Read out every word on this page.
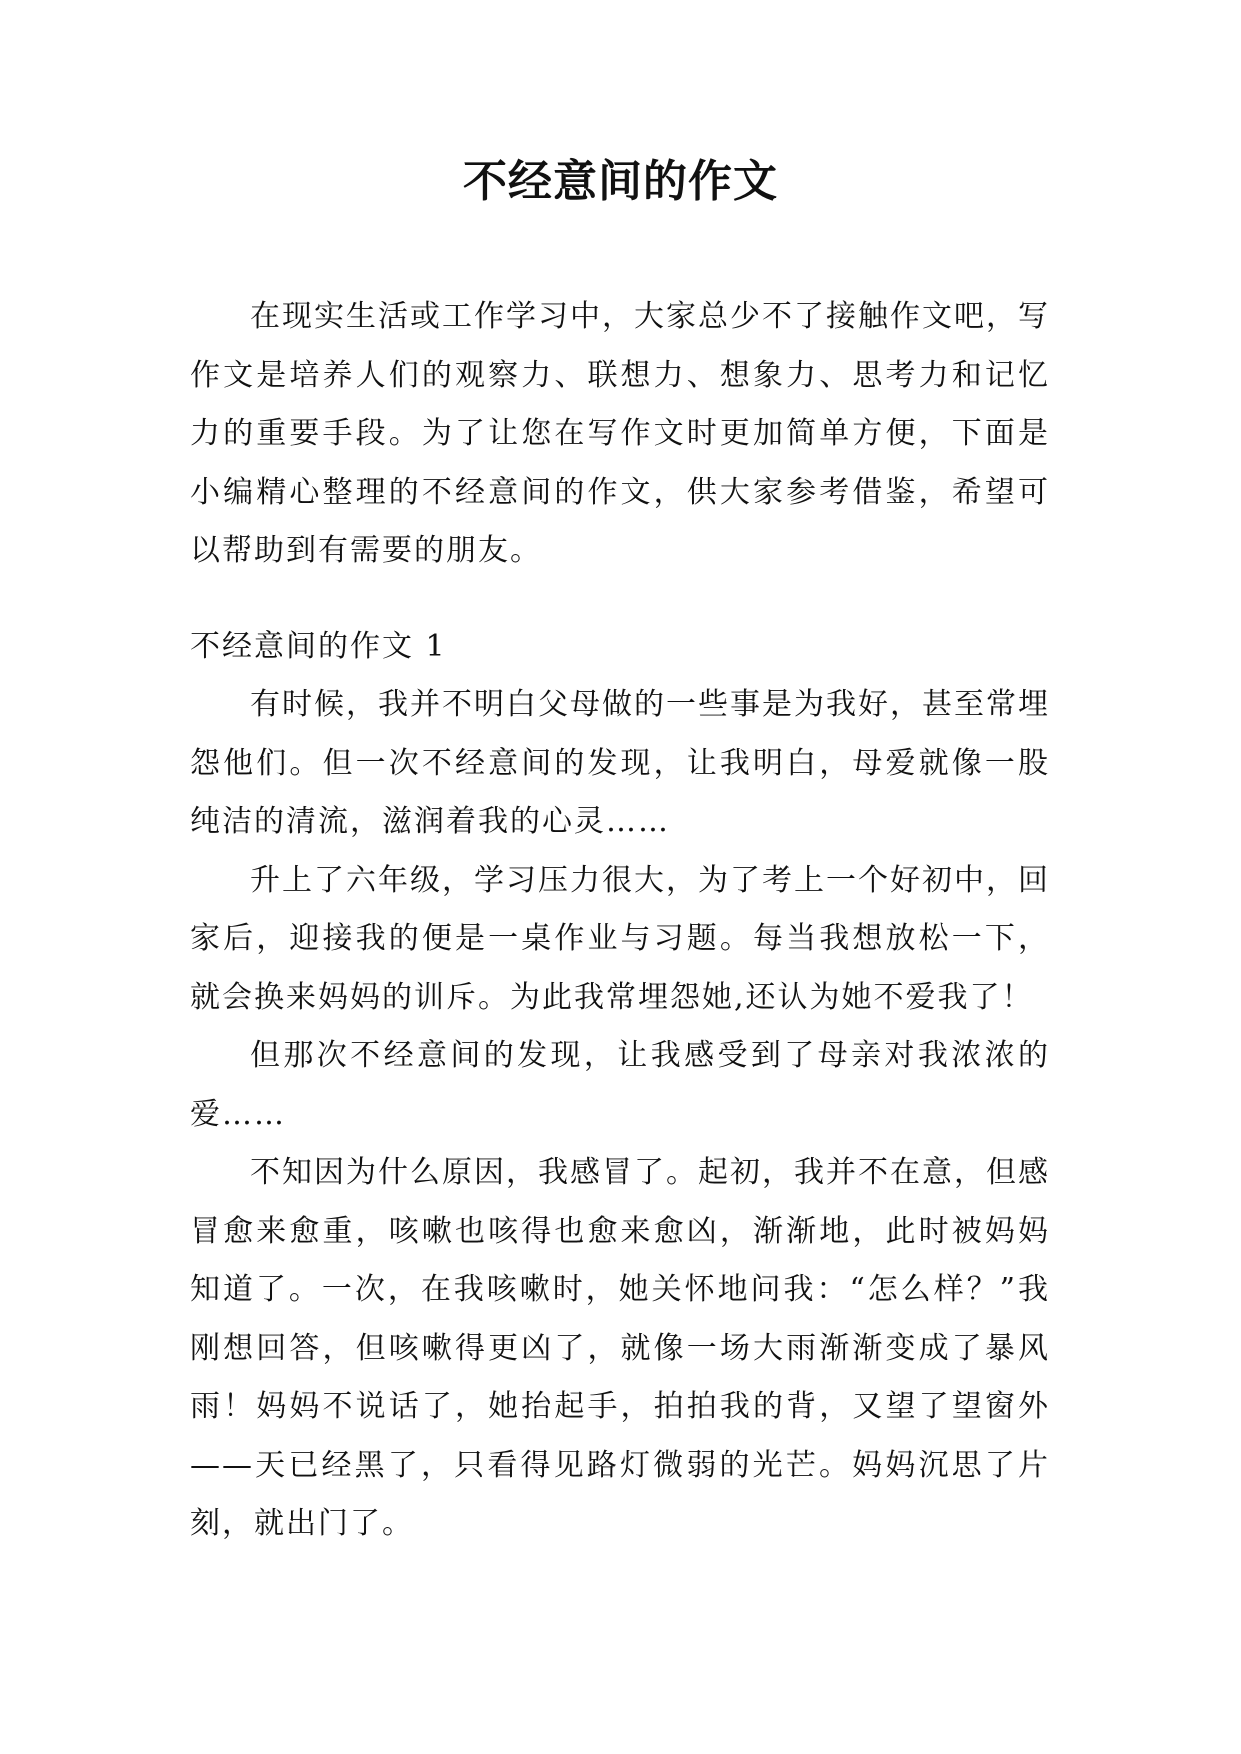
不经意间的作文

在现实生活或工作学习中，大家总少不了接触作文吧，写作文是培养人们的观察力、联想力、想象力、思考力和记忆力的重要手段。为了让您在写作文时更加简单方便，下面是小编精心整理的不经意间的作文，供大家参考借鉴，希望可以帮助到有需要的朋友。

不经意间的作文 1

有时候，我并不明白父母做的一些事是为我好，甚至常埋怨他们。但一次不经意间的发现，让我明白，母爱就像一股纯洁的清流，滋润着我的心灵……

升上了六年级，学习压力很大，为了考上一个好初中，回家后，迎接我的便是一桌作业与习题。每当我想放松一下，就会换来妈妈的训斥。为此我常埋怨她,还认为她不爱我了！

但那次不经意间的发现，让我感受到了母亲对我浓浓的爱……

不知因为什么原因，我感冒了。起初，我并不在意，但感冒愈来愈重，咳嗽也咳得也愈来愈凶，渐渐地，此时被妈妈知道了。一次，在我咳嗽时，她关怀地问我：“怎么样？”我刚想回答，但咳嗽得更凶了，就像一场大雨渐渐变成了暴风雨！妈妈不说话了，她抬起手，拍拍我的背，又望了望窗外——天已经黑了，只看得见路灯微弱的光芒。妈妈沉思了片刻，就出门了。
